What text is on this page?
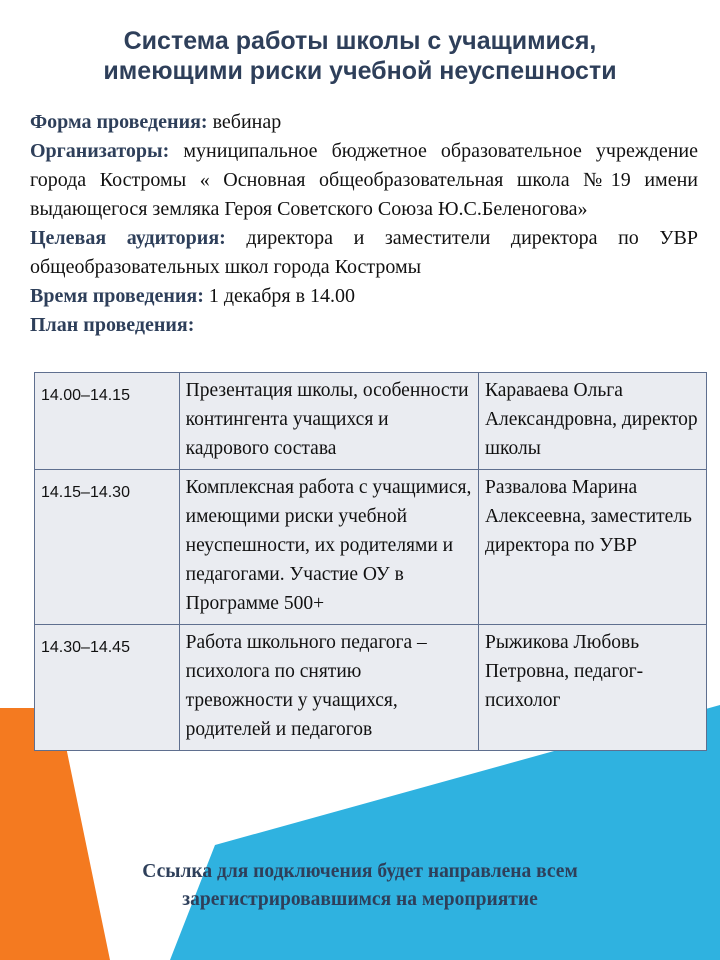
Система работы школы с учащимися,
имеющими риски учебной неуспешности

Форма проведения: вебинар

Организаторы: муниципальное бюджетное образовательное учреждение города Костромы « Основная общеобразовательная школа №19 имени выдающегося земляка Героя Советского Союза Ю.С.Беленогова»

Целевая аудитория: директора и заместители директора по УВР общеобразовательных школ города Костромы

Время проведения: 1 декабря в 14.00

План проведения:

14.00–14.15	Презентация школы, особенности контингента учащихся и кадрового состава	Караваева Ольга Александровна, директор школы
14.15–14.30	Комплексная работа с учащимися, имеющими риски учебной неуспешности, их родителями и педагогами. Участие ОУ в Программе 500+	Развалова Марина Алексеевна, заместитель директора по УВР
14.30–14.45	Работа школьного педагога – психолога по снятию тревожности у учащихся, родителей и педагогов	Рыжикова Любовь Петровна, педагог-психолог
Ссылка для подключения будет направлена всем
зарегистрировавшимся на мероприятие
